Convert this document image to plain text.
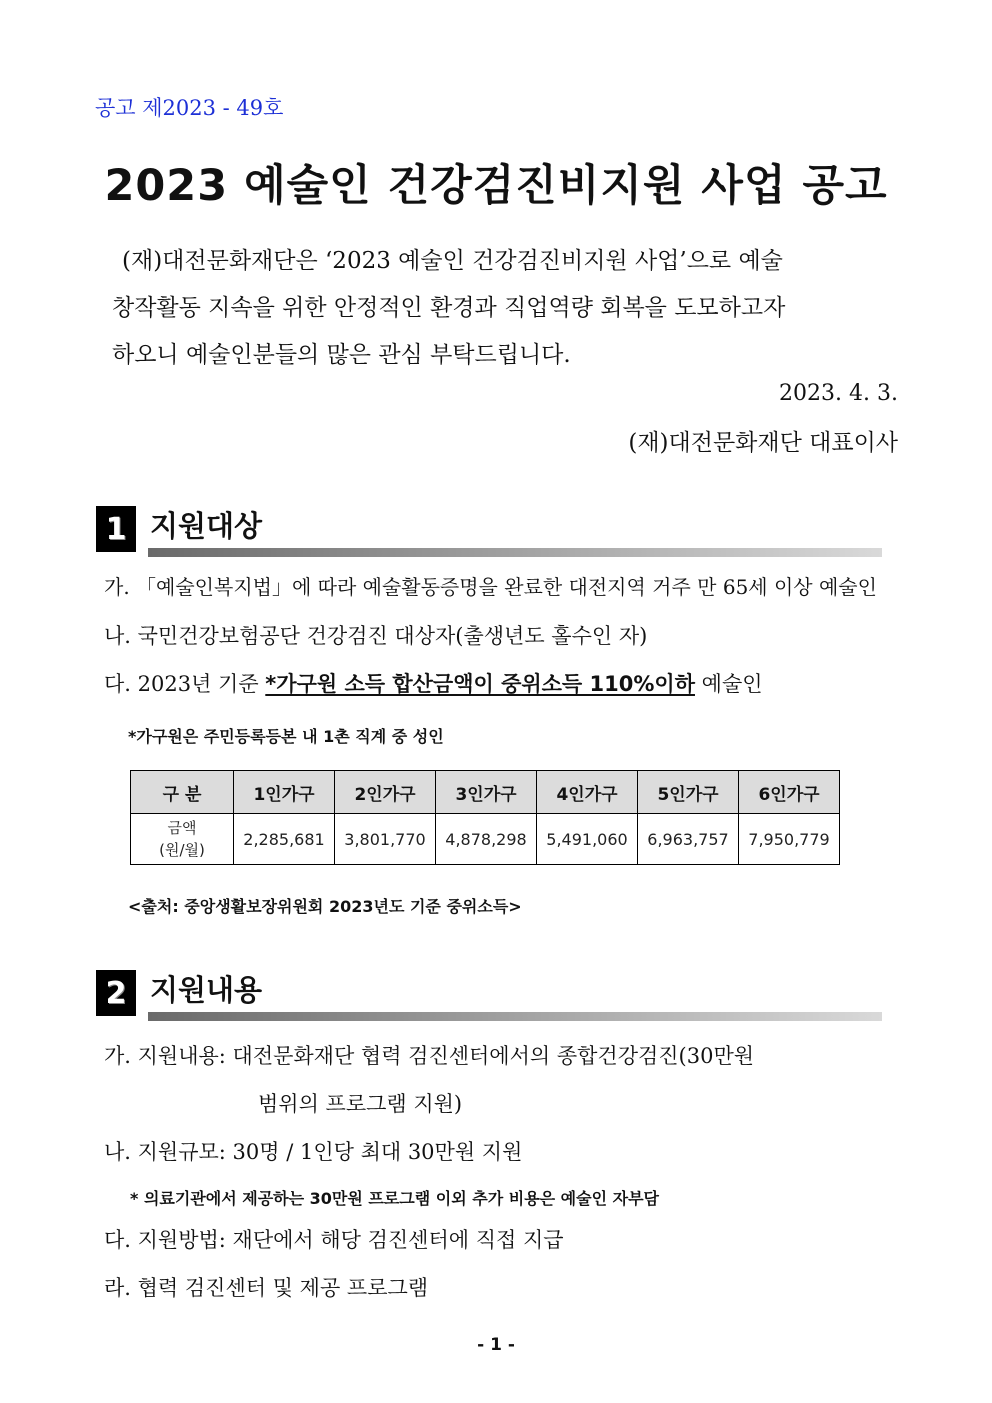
공고 제2023 - 49호
2023 예술인 건강검진비지원 사업 공고
(재)대전문화재단은 ‘2023 예술인 건강검진비지원 사업’으로 예술
창작활동 지속을 위한 안정적인 환경과 직업역량 회복을 도모하고자
하오니 예술인분들의 많은 관심 부탁드립니다.
2023. 4. 3.
(재)대전문화재단 대표이사
1 지원대상
가. 「예술인복지법」에 따라 예술활동증명을 완료한 대전지역 거주 만 65세 이상 예술인
나. 국민건강보험공단 건강검진 대상자(출생년도 홀수인 자)
다. 2023년 기준 *가구원 소득 합산금액이 중위소득 110%이하 예술인
*가구원은 주민등록등본 내 1촌 직계 중 성인
구 분	1인가구	2인가구	3인가구	4인가구	5인가구	6인가구

금액
(원/월)	2,285,681	3,801,770	4,878,298	5,491,060	6,963,757	7,950,779
<출처: 중앙생활보장위원회 2023년도 기준 중위소득>
2 지원내용
가. 지원내용: 대전문화재단 협력 검진센터에서의 종합건강검진(30만원
범위의 프로그램 지원)
나. 지원규모: 30명 / 1인당 최대 30만원 지원
* 의료기관에서 제공하는 30만원 프로그램 이외 추가 비용은 예술인 자부담
다. 지원방법: 재단에서 해당 검진센터에 직접 지급
라. 협력 검진센터 및 제공 프로그램
- 1 -
